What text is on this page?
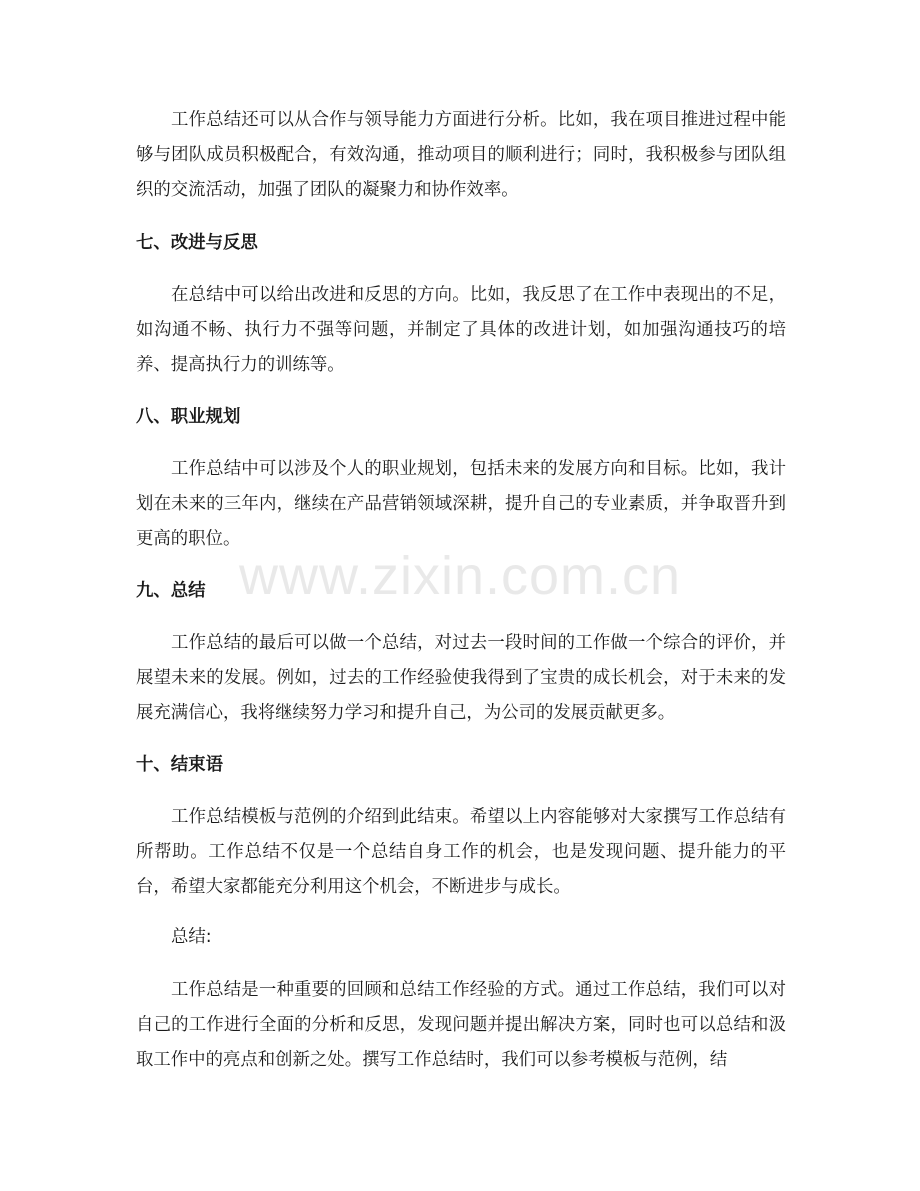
www.zixin.com.cn

工作总结还可以从合作与领导能力方面进行分析。比如，我在项目推进过程中能够与团队成员积极配合，有效沟通，推动项目的顺利进行；同时，我积极参与团队组织的交流活动，加强了团队的凝聚力和协作效率。

七、改进与反思

在总结中可以给出改进和反思的方向。比如，我反思了在工作中表现出的不足，如沟通不畅、执行力不强等问题，并制定了具体的改进计划，如加强沟通技巧的培养、提高执行力的训练等。

八、职业规划

工作总结中可以涉及个人的职业规划，包括未来的发展方向和目标。比如，我计划在未来的三年内，继续在产品营销领域深耕，提升自己的专业素质，并争取晋升到更高的职位。

九、总结

工作总结的最后可以做一个总结，对过去一段时间的工作做一个综合的评价，并展望未来的发展。例如，过去的工作经验使我得到了宝贵的成长机会，对于未来的发展充满信心，我将继续努力学习和提升自己，为公司的发展贡献更多。

十、结束语

工作总结模板与范例的介绍到此结束。希望以上内容能够对大家撰写工作总结有所帮助。工作总结不仅是一个总结自身工作的机会，也是发现问题、提升能力的平台，希望大家都能充分利用这个机会，不断进步与成长。

总结:

工作总结是一种重要的回顾和总结工作经验的方式。通过工作总结，我们可以对自己的工作进行全面的分析和反思，发现问题并提出解决方案，同时也可以总结和汲取工作中的亮点和创新之处。撰写工作总结时，我们可以参考模板与范例，结
